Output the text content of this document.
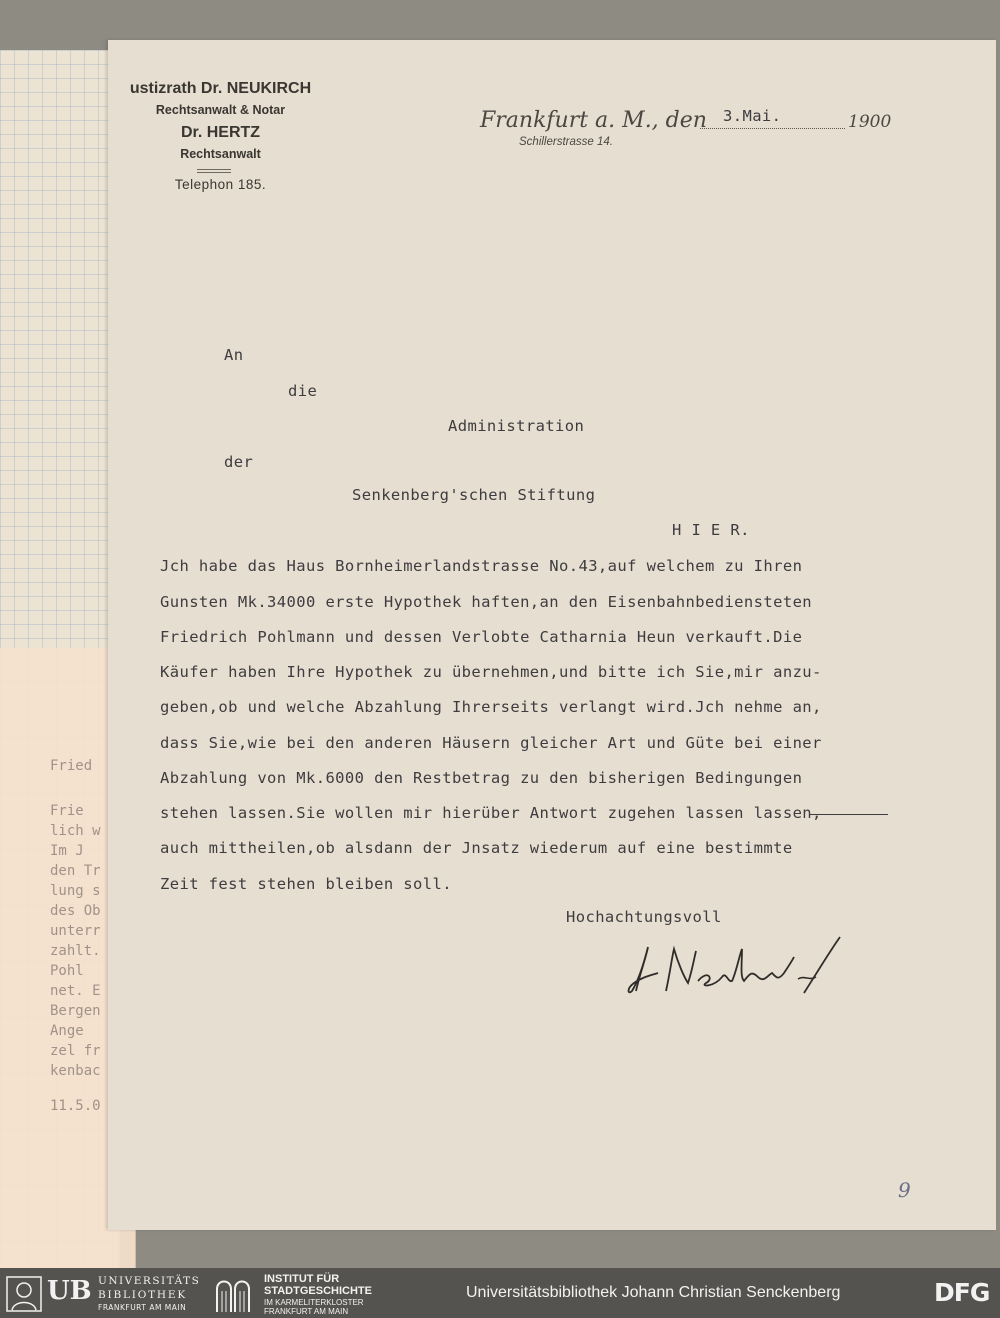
Fried
Frie
lich w
Im J
den Tr
lung s
des Ob
unterr
zahlt.
Pohl
net. E
Bergen
Ange
zel fr
kenbac
11.5.0
ustizrath Dr. NEUKIRCH
Rechtsanwalt & Notar
Dr. HERTZ
Rechtsanwalt
Telephon 185.
Frankfurt a. M., den 3.Mai.	1900
Schillerstrasse 14.
An
die
Administration
der
Senkenberg'schen Stiftung
H I E R.
Jch habe das Haus Bornheimerlandstrasse No.43,auf welchem zu Ihren
Gunsten Mk.34000 erste Hypothek haften,an den Eisenbahnbediensteten
Friedrich Pohlmann und dessen Verlobte Catharnia Heun verkauft.Die
Käufer haben Ihre Hypothek zu übernehmen,und bitte ich Sie,mir anzu-
geben,ob und welche Abzahlung Ihrerseits verlangt wird.Jch nehme an,
dass Sie,wie bei den anderen Häusern gleicher Art und Güte bei einer
Abzahlung von Mk.6000 den Restbetrag zu den bisherigen Bedingungen
stehen lassen.Sie wollen mir hierüber Antwort zugehen lassen lassen,
auch mittheilen,ob alsdann der Jnsatz wiederum auf eine bestimmte
Zeit fest stehen bleiben soll.
Hochachtungsvoll
9
UB UNIVERSITÄTS
BIBLIOTHEK
FRANKFURT AM MAIN
INSTITUT FÜR
STADTGESCHICHTE
IM KARMELITERKLOSTER
FRANKFURT AM MAIN
Universitätsbibliothek Johann Christian Senckenberg	DFG
